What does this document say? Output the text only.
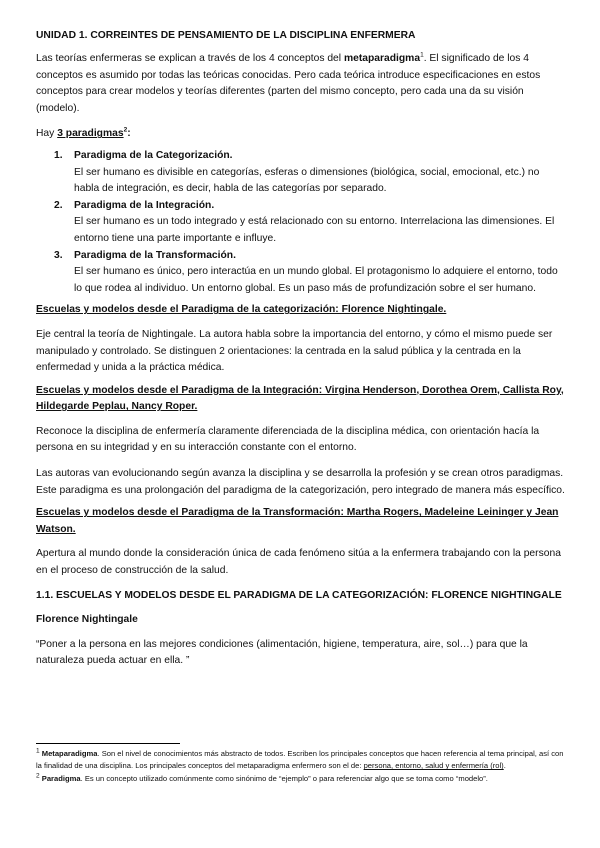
UNIDAD 1. CORREINTES DE PENSAMIENTO DE LA DISCIPLINA ENFERMERA

Las teorías enfermeras se explican a través de los 4 conceptos del metaparadigma$^1$. El significado de los 4 conceptos es asumido por todas las teóricas conocidas. Pero cada teórica introduce especificaciones en estos conceptos para crear modelos y teorías diferentes (parten del mismo concepto, pero cada una da su visión (modelo).

Hay 3 paradigmas$^2$:

1. Paradigma de la Categorización.
El ser humano es divisible en categorías, esferas o dimensiones (biológica, social, emocional, etc.) no habla de integración, es decir, habla de las categorías por separado.
2. Paradigma de la Integración.
El ser humano es un todo integrado y está relacionado con su entorno. Interrelaciona las dimensiones. El entorno tiene una parte importante e influye.
3. Paradigma de la Transformación.
El ser humano es único, pero interactúa en un mundo global. El protagonismo lo adquiere el entorno, todo lo que rodea al individuo. Un entorno global. Es un paso más de profundización sobre el ser humano.

Escuelas y modelos desde el Paradigma de la categorización: Florence Nightingale.

Eje central la teoría de Nightingale. La autora habla sobre la importancia del entorno, y cómo el mismo puede ser manipulado y controlado. Se distinguen 2 orientaciones: la centrada en la salud pública y la centrada en la enfermedad y unida a la práctica médica.

Escuelas y modelos desde el Paradigma de la Integración: Virgina Henderson, Dorothea Orem, Callista Roy, Hildegarde Peplau, Nancy Roper.

Reconoce la disciplina de enfermería claramente diferenciada de la disciplina médica, con orientación hacía la persona en su integridad y en su interacción constante con el entorno.

Las autoras van evolucionando según avanza la disciplina y se desarrolla la profesión y se crean otros paradigmas. Este paradigma es una prolongación del paradigma de la categorización, pero integrado de manera más específico.

Escuelas y modelos desde el Paradigma de la Transformación: Martha Rogers, Madeleine Leininger y Jean Watson.

Apertura al mundo donde la consideración única de cada fenómeno sitúa a la enfermera trabajando con la persona en el proceso de construcción de la salud.

1.1. ESCUELAS Y MODELOS DESDE EL PARADIGMA DE LA CATEGORIZACIÓN: FLORENCE NIGHTINGALE

Florence Nightingale

“Poner a la persona en las mejores condiciones (alimentación, higiene, temperatura, aire, sol…) para que la naturaleza pueda actuar en ella. ”

$^1$ Metaparadigma. Son el nivel de conocimientos más abstracto de todos. Escriben los principales conceptos que hacen referencia al tema principal, así con la finalidad de una disciplina. Los principales conceptos del metaparadigma enfermero son el de: persona, entorno, salud y enfermería (rol).

$^2$ Paradigma. Es un concepto utilizado comúnmente como sinónimo de “ejemplo” o para referenciar algo que se toma como “modelo”.
